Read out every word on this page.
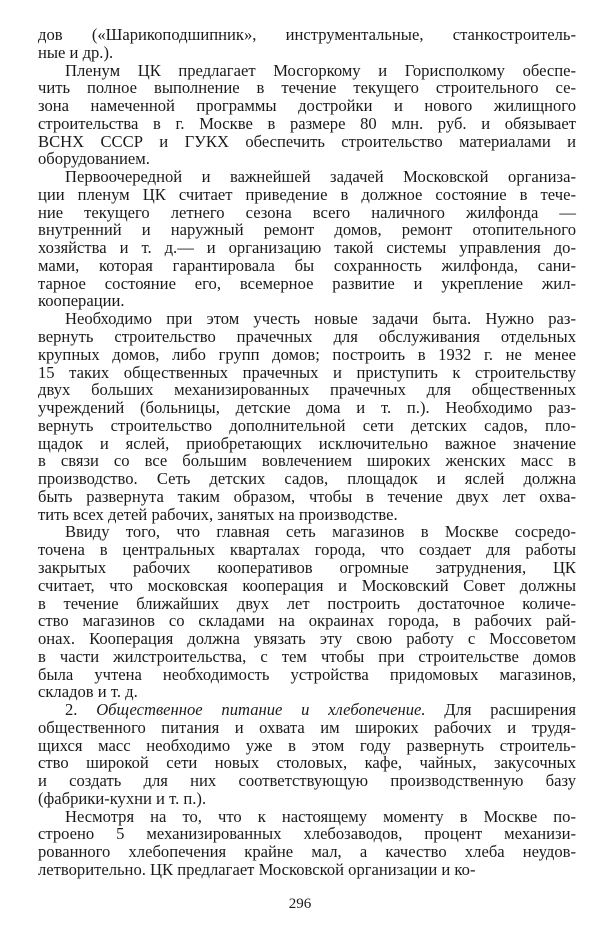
дов («Шарикоподшипник», инструментальные, станкостроитель-
ные и др.).
Пленум ЦК предлагает Мосгоркому и Горисполкому обеспе-
чить полное выполнение в течение текущего строительного се-
зона намеченной программы достройки и нового жилищного
строительства в г. Москве в размере 80 млн. руб. и обязывает
ВСНХ СССР и ГУКХ обеспечить строительство материалами и
оборудованием.
Первоочередной и важнейшей задачей Московской организа-
ции пленум ЦК считает приведение в должное состояние в тече-
ние текущего летнего сезона всего наличного жилфонда —
внутренний и наружный ремонт домов, ремонт отопительного
хозяйства и т. д.— и организацию такой системы управления до-
мами, которая гарантировала бы сохранность жилфонда, сани-
тарное состояние его, всемерное развитие и укрепление жил-
кооперации.
Необходимо при этом учесть новые задачи быта. Нужно раз-
вернуть строительство прачечных для обслуживания отдельных
крупных домов, либо групп домов; построить в 1932 г. не менее
15 таких общественных прачечных и приступить к строительству
двух больших механизированных прачечных для общественных
учреждений (больницы, детские дома и т. п.). Необходимо раз-
вернуть строительство дополнительной сети детских садов, пло-
щадок и яслей, приобретающих исключительно важное значение
в связи со все бо́льшим вовлечением широких женских масс в
производство. Сеть детских садов, площадок и яслей должна
быть развернута таким образом, чтобы в течение двух лет охва-
тить всех детей рабочих, занятых на производстве.
Ввиду того, что главная сеть магазинов в Москве сосредо-
точена в центральных кварталах города, что создает для работы
закрытых рабочих кооперативов огромные затруднения, ЦК
считает, что московская кооперация и Московский Совет должны
в течение ближайших двух лет построить достаточное количе-
ство магазинов со складами на окраинах города, в рабочих рай-
онах. Кооперация должна увязать эту свою работу с Моссоветом
в части жилстроительства, с тем чтобы при строительстве домов
была учтена необходимость устройства придомовых магазинов,
складов и т. д.
2. Общественное питание и хлебопечение. Для расширения
общественного питания и охвата им широких рабочих и трудя-
щихся масс необходимо уже в этом году развернуть строитель-
ство широкой сети новых столовых, кафе, чайных, закусочных
и создать для них соответствующую производственную базу
(фабрики-кухни и т. п.).
Несмотря на то, что к настоящему моменту в Москве по-
строено 5 механизированных хлебозаводов, процент механизи-
рованного хлебопечения крайне мал, а качество хлеба неудов-
летворительно. ЦК предлагает Московской организации и ко-
296
